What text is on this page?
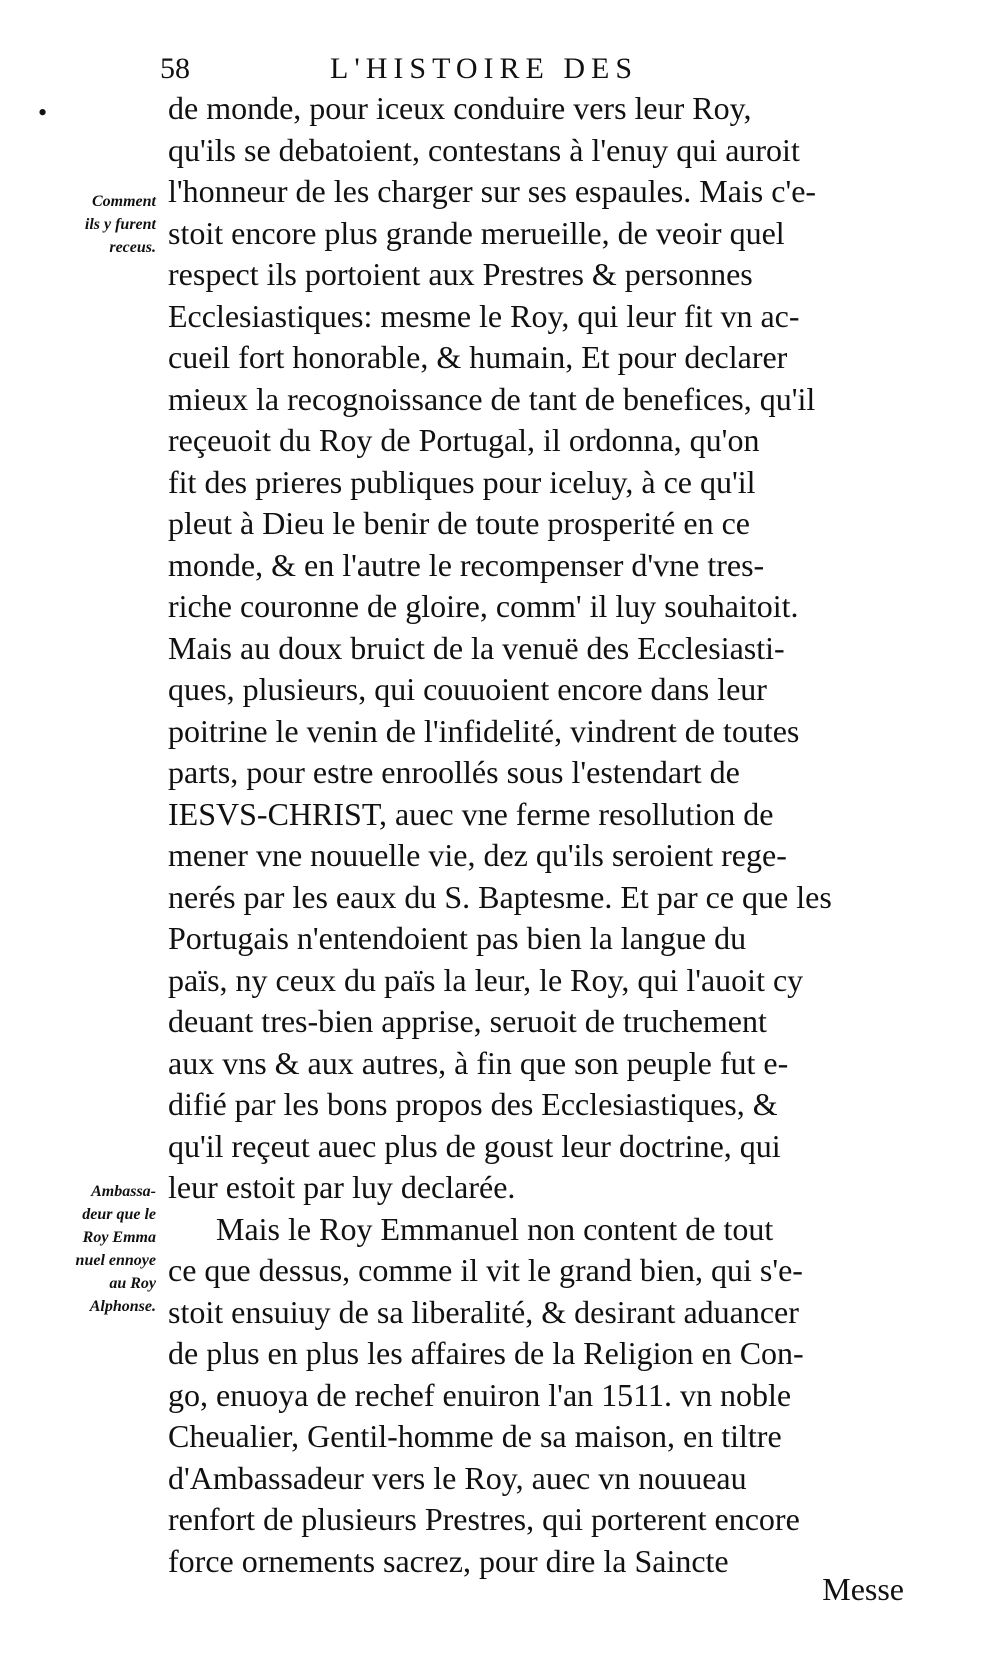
58	L'HISTOIRE DES
•
Comment
ils y furent
receus.
Ambassa-
deur que le
Roy Emma
nuel ennoye
au Roy
Alphonse.
de monde, pour iceux conduire vers leur Roy,
qu'ils se debatoient, contestans à l'enuy qui auroit
l'honneur de les charger sur ses espaules. Mais c'e-
stoit encore plus grande merueille, de veoir quel
respect ils portoient aux Prestres & personnes
Ecclesiastiques: mesme le Roy, qui leur fit vn ac-
cueil fort honorable, & humain, Et pour declarer
mieux la recognoissance de tant de benefices, qu'il
reçeuoit du Roy de Portugal, il ordonna, qu'on
fit des prieres publiques pour iceluy, à ce qu'il
pleut à Dieu le benir de toute prosperité en ce
monde, & en l'autre le recompenser d'vne tres-
riche couronne de gloire, comm' il luy souhaitoit.
Mais au doux bruict de la venuë des Ecclesiasti-
ques, plusieurs, qui couuoient encore dans leur
poitrine le venin de l'infidelité, vindrent de toutes
parts, pour estre enroollés sous l'estendart de
IESVS-CHRIST, auec vne ferme resollution de
mener vne nouuelle vie, dez qu'ils seroient rege-
nerés par les eaux du S. Baptesme. Et par ce que les
Portugais n'entendoient pas bien la langue du
païs, ny ceux du païs la leur, le Roy, qui l'auoit cy
deuant tres-bien apprise, seruoit de truchement
aux vns & aux autres, à fin que son peuple fut e-
difié par les bons propos des Ecclesiastiques, &
qu'il reçeut auec plus de goust leur doctrine, qui
leur estoit par luy declarée.
Mais le Roy Emmanuel non content de tout
ce que dessus, comme il vit le grand bien, qui s'e-
stoit ensuiuy de sa liberalité, & desirant aduancer
de plus en plus les affaires de la Religion en Con-
go, enuoya de rechef enuiron l'an 1511. vn noble
Cheualier, Gentil-homme de sa maison, en tiltre
d'Ambassadeur vers le Roy, auec vn nouueau
renfort de plusieurs Prestres, qui porterent encore
force ornements sacrez, pour dire la Saincte
Messe
